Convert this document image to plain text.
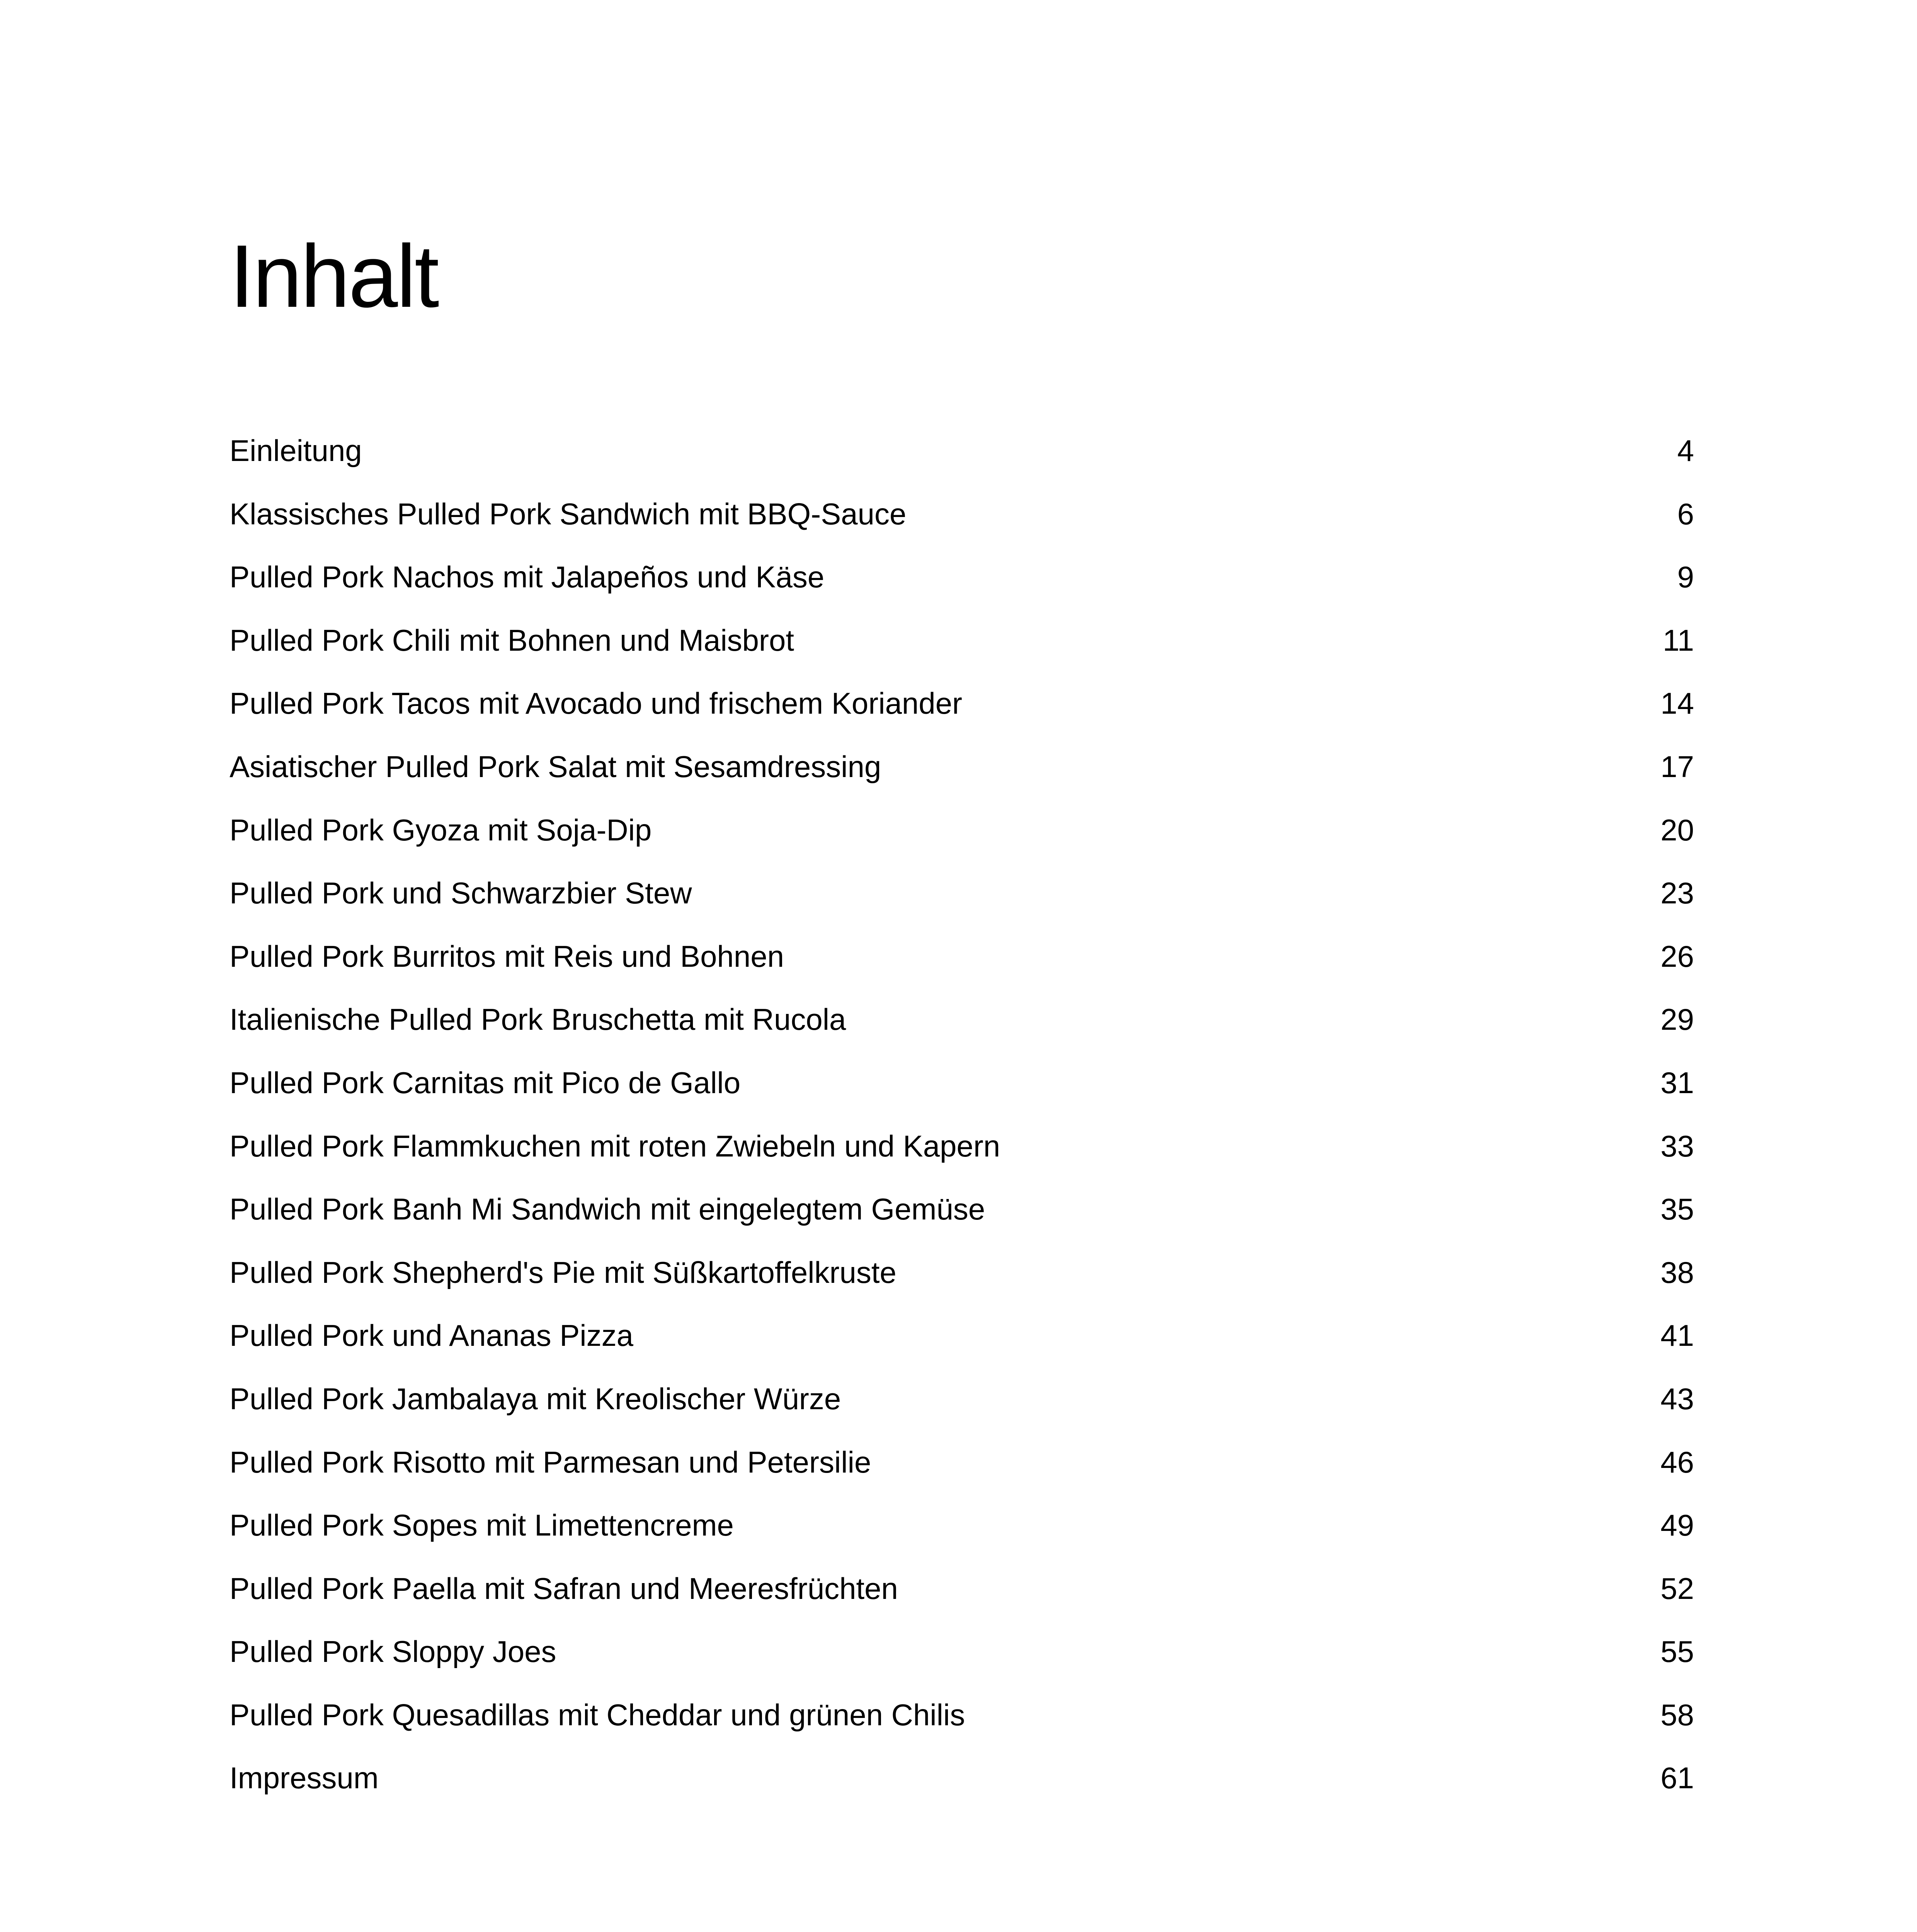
Inhalt
Einleitung .....	4
Klassisches Pulled Pork Sandwich mit BBQ-Sauce .....	6
Pulled Pork Nachos mit Jalapeños und Käse .....	9
Pulled Pork Chili mit Bohnen und Maisbrot .....	11
Pulled Pork Tacos mit Avocado und frischem Koriander .....	14
Asiatischer Pulled Pork Salat mit Sesamdressing .....	17
Pulled Pork Gyoza mit Soja-Dip .....	20
Pulled Pork und Schwarzbier Stew .....	23
Pulled Pork Burritos mit Reis und Bohnen .....	26
Italienische Pulled Pork Bruschetta mit Rucola .....	29
Pulled Pork Carnitas mit Pico de Gallo .....	31
Pulled Pork Flammkuchen mit roten Zwiebeln und Kapern .....	33
Pulled Pork Banh Mi Sandwich mit eingelegtem Gemüse .....	35
Pulled Pork Shepherd's Pie mit Süßkartoffelkruste .....	38
Pulled Pork und Ananas Pizza .....	41
Pulled Pork Jambalaya mit Kreolischer Würze .....	43
Pulled Pork Risotto mit Parmesan und Petersilie .....	46
Pulled Pork Sopes mit Limettencreme .....	49
Pulled Pork Paella mit Safran und Meeresfrüchten .....	52
Pulled Pork Sloppy Joes .....	55
Pulled Pork Quesadillas mit Cheddar und grünen Chilis .....	58
Impressum .....	61
